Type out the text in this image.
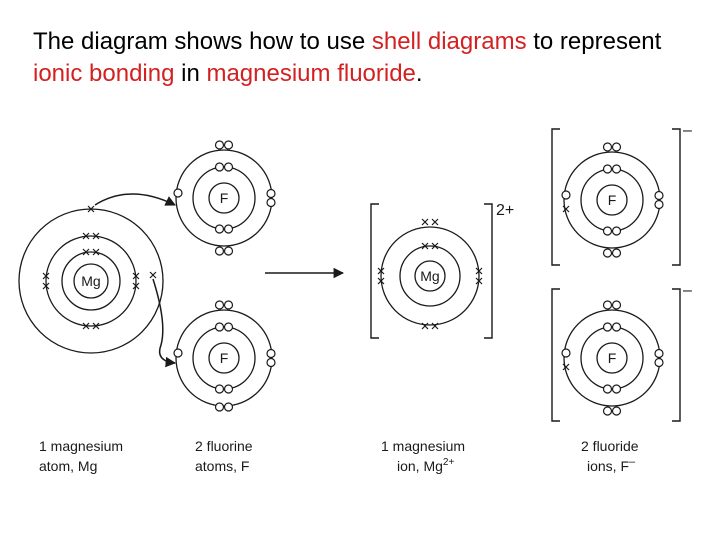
The diagram shows how to use shell diagrams to represent ionic bonding in magnesium fluoride.
Mg
F
F
2+
Mg
–
F
–
F
1 magnesium
atom, Mg
2 fluorine
atoms, F
1 magnesium
ion, $Mg^{2+}$
2 fluoride
ions, F–
